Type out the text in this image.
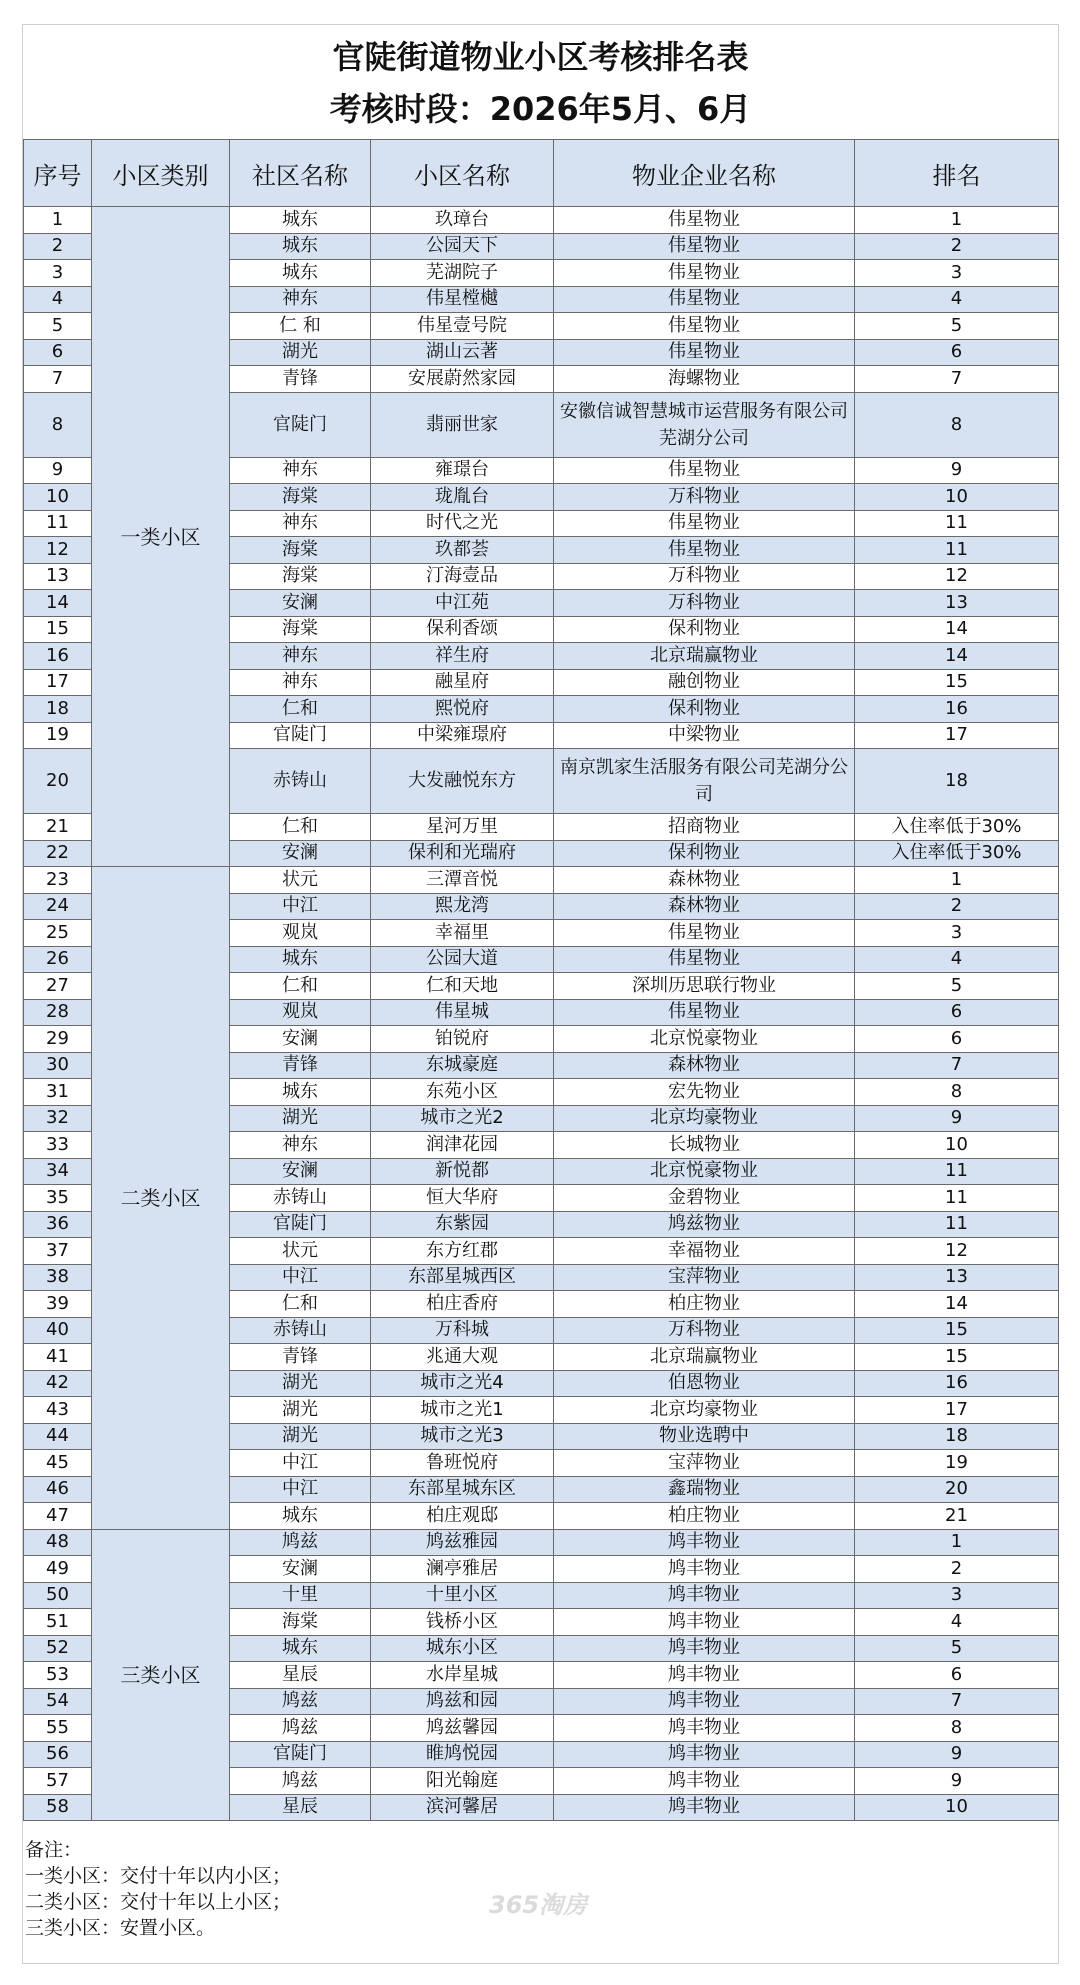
官陡街道物业小区考核排名表
考核时段：2026年5月、6月
序号	小区类别	社区名称	小区名称	物业企业名称	排名
1	一类小区	城东	玖璋台	伟星物业	1
2		城东	公园天下	伟星物业	2
3		城东	芜湖院子	伟星物业	3
4		神东	伟星樘樾	伟星物业	4
5		仁 和	伟星壹号院	伟星物业	5
6		湖光	湖山云著	伟星物业	6
7		青锋	安展蔚然家园	海螺物业	7
8		官陡门	翡丽世家	安徽信诚智慧城市运营服务有限公司芜湖分公司	8
9		神东	雍璟台	伟星物业	9
10		海棠	珑胤台	万科物业	10
11		神东	时代之光	伟星物业	11
12		海棠	玖都荟	伟星物业	11
13		海棠	汀海壹品	万科物业	12
14		安澜	中江苑	万科物业	13
15		海棠	保利香颂	保利物业	14
16		神东	祥生府	北京瑞赢物业	14
17		神东	融星府	融创物业	15
18		仁和	熙悦府	保利物业	16
19		官陡门	中梁雍璟府	中梁物业	17
20		赤铸山	大发融悦东方	南京凯家生活服务有限公司芜湖分公司	18
21		仁和	星河万里	招商物业	入住率低于30%
22		安澜	保利和光瑞府	保利物业	入住率低于30%
23	二类小区	状元	三潭音悦	森林物业	1
24		中江	熙龙湾	森林物业	2
25		观岚	幸福里	伟星物业	3
26		城东	公园大道	伟星物业	4
27		仁和	仁和天地	深圳历思联行物业	5
28		观岚	伟星城	伟星物业	6
29		安澜	铂锐府	北京悦豪物业	6
30		青锋	东城豪庭	森林物业	7
31		城东	东苑小区	宏先物业	8
32		湖光	城市之光2	北京均豪物业	9
33		神东	润津花园	长城物业	10
34		安澜	新悦都	北京悦豪物业	11
35		赤铸山	恒大华府	金碧物业	11
36		官陡门	东紫园	鸠兹物业	11
37		状元	东方红郡	幸福物业	12
38		中江	东部星城西区	宝萍物业	13
39		仁和	柏庄香府	柏庄物业	14
40		赤铸山	万科城	万科物业	15
41		青锋	兆通大观	北京瑞赢物业	15
42		湖光	城市之光4	伯恩物业	16
43		湖光	城市之光1	北京均豪物业	17
44		湖光	城市之光3	物业选聘中	18
45		中江	鲁班悦府	宝萍物业	19
46		中江	东部星城东区	鑫瑞物业	20
47		城东	柏庄观邸	柏庄物业	21
48	三类小区	鸠兹	鸠兹雅园	鸠丰物业	1
49		安澜	澜亭雅居	鸠丰物业	2
50		十里	十里小区	鸠丰物业	3
51		海棠	钱桥小区	鸠丰物业	4
52		城东	城东小区	鸠丰物业	5
53		星辰	水岸星城	鸠丰物业	6
54		鸠兹	鸠兹和园	鸠丰物业	7
55		鸠兹	鸠兹馨园	鸠丰物业	8
56		官陡门	睢鸠悦园	鸠丰物业	9
57		鸠兹	阳光翰庭	鸠丰物业	9
58		星辰	滨河馨居	鸠丰物业	10
备注：
一类小区：交付十年以内小区；
二类小区：交付十年以上小区；
三类小区：安置小区。
365淘房
